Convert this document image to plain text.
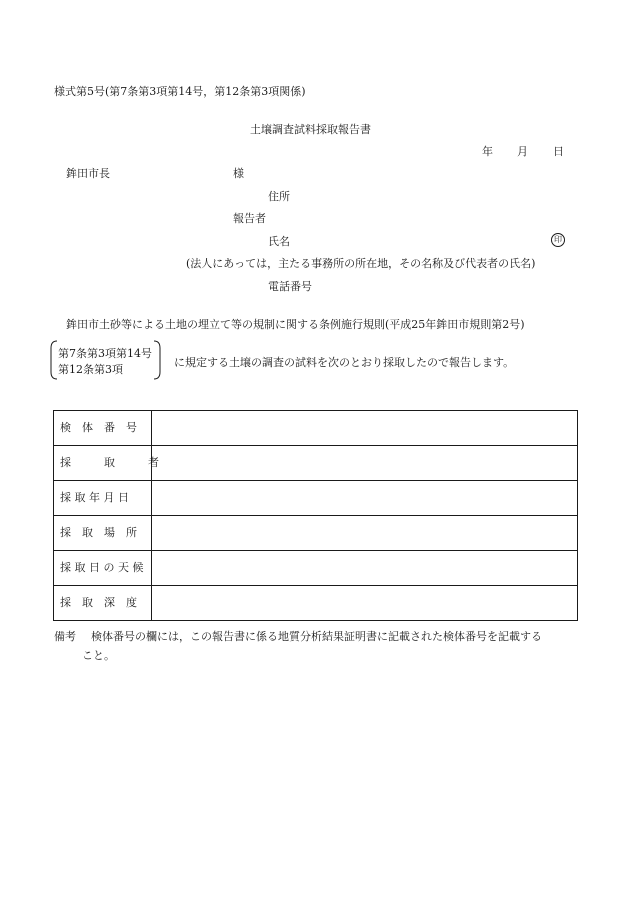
様式第5号(第7条第3項第14号，第12条第3項関係)

土壌調査試料採取報告書

年 月 日
鉾田市長	様
住所
報告者
氏名	印
(法人にあっては，主たる事務所の所在地，その名称及び代表者の氏名)
電話番号

鉾田市土砂等による土地の埋立て等の規制に関する条例施行規則(平成25年鉾田市規則第2号)

第7条第3項第14号
第12条第3項
に規定する土壌の調査の試料を次のとおり採取したので報告します。
検　体　番　号	
採　　　取　　　者	
採 取 年 月 日	
採　取　場　所	
採 取 日 の 天 候	
採　取　深　度	
備考 検体番号の欄には，この報告書に係る地質分析結果証明書に記載された検体番号を記載する
こと。
